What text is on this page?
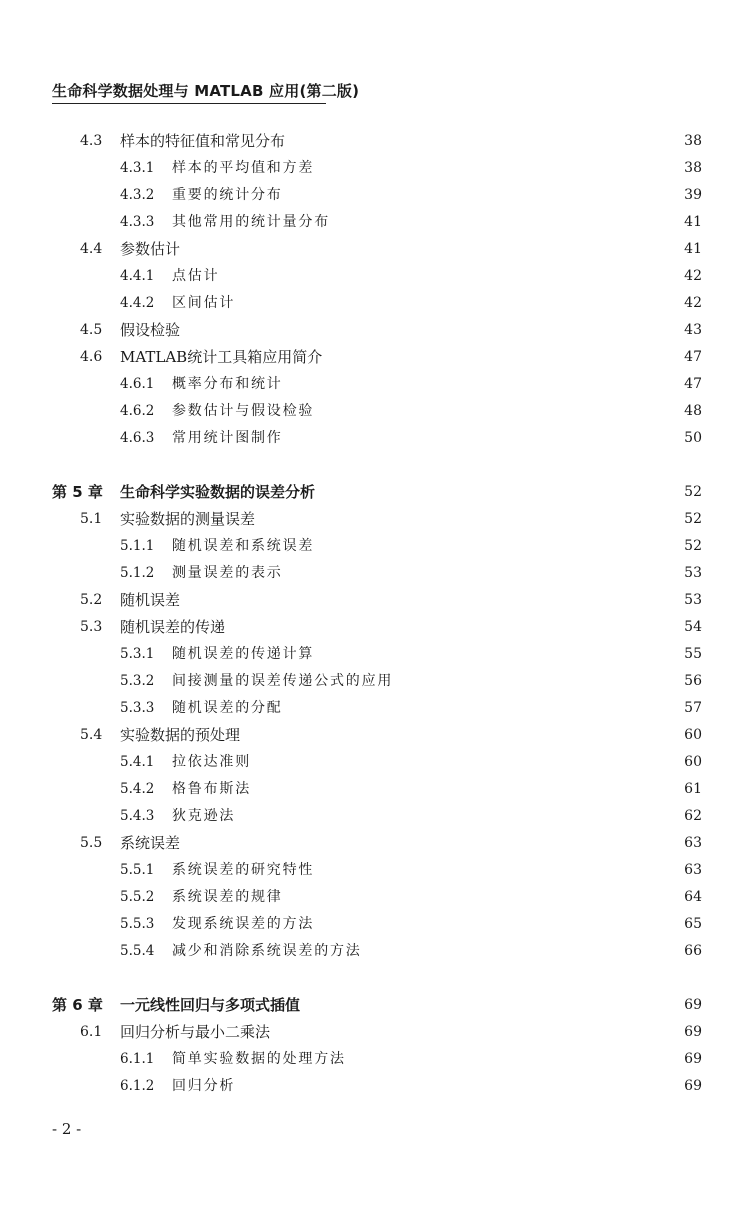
生命科学数据处理与 MATLAB 应用(第二版)
4.3 样本的特征值和常见分布	38
4.3.1 样本的平均值和方差	38
4.3.2 重要的统计分布	39
4.3.3 其他常用的统计量分布	41
4.4 参数估计	41
4.4.1 点估计	42
4.4.2 区间估计	42
4.5 假设检验	43
4.6 MATLAB统计工具箱应用简介	47
4.6.1 概率分布和统计	47
4.6.2 参数估计与假设检验	48
4.6.3 常用统计图制作	50
第 5 章 生命科学实验数据的误差分析	52
5.1 实验数据的测量误差	52
5.1.1 随机误差和系统误差	52
5.1.2 测量误差的表示	53
5.2 随机误差	53
5.3 随机误差的传递	54
5.3.1 随机误差的传递计算	55
5.3.2 间接测量的误差传递公式的应用	56
5.3.3 随机误差的分配	57
5.4 实验数据的预处理	60
5.4.1 拉依达准则	60
5.4.2 格鲁布斯法	61
5.4.3 狄克逊法	62
5.5 系统误差	63
5.5.1 系统误差的研究特性	63
5.5.2 系统误差的规律	64
5.5.3 发现系统误差的方法	65
5.5.4 减少和消除系统误差的方法	66
第 6 章 一元线性回归与多项式插值	69
6.1 回归分析与最小二乘法	69
6.1.1 简单实验数据的处理方法	69
6.1.2 回归分析	69
- 2 -
